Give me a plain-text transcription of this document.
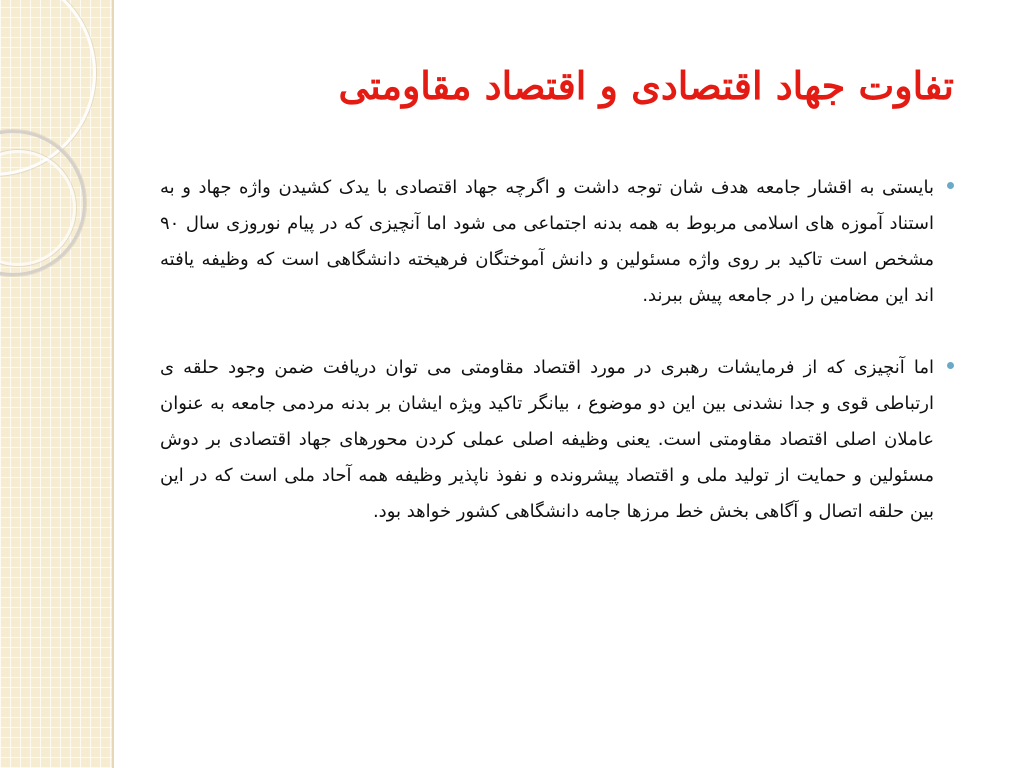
تفاوت جهاد اقتصادی و اقتصاد مقاومتی
بایستی به اقشار جامعه هدف شان توجه داشت و اگرچه جهاد اقتصادی با یدک کشیدن واژه جهاد و به استناد آموزه های اسلامی مربوط به همه بدنه اجتماعی می شود اما آنچیزی که در پیام نوروزی سال ۹۰ مشخص است تاکید بر روی واژه مسئولین و دانش آموختگان فرهیخته دانشگاهی است که وظیفه یافته اند این مضامین را در جامعه پیش ببرند.
اما آنچیزی که از فرمایشات رهبری در مورد اقتصاد مقاومتی می توان دریافت ضمن وجود حلقه ی ارتباطی قوی و جدا نشدنی بین این دو موضوع ، بیانگر تاکید ویژه ایشان بر بدنه مردمی جامعه به عنوان عاملان اصلی اقتصاد مقاومتی است. یعنی وظیفه اصلی عملی کردن محورهای جهاد اقتصادی بر دوش مسئولین و حمایت از تولید ملی و اقتصاد پیشرونده و نفوذ ناپذیر وظیفه همه آحاد ملی است که در این بین حلقه اتصال و آگاهی بخش خط مرزها جامه دانشگاهی کشور خواهد بود.
